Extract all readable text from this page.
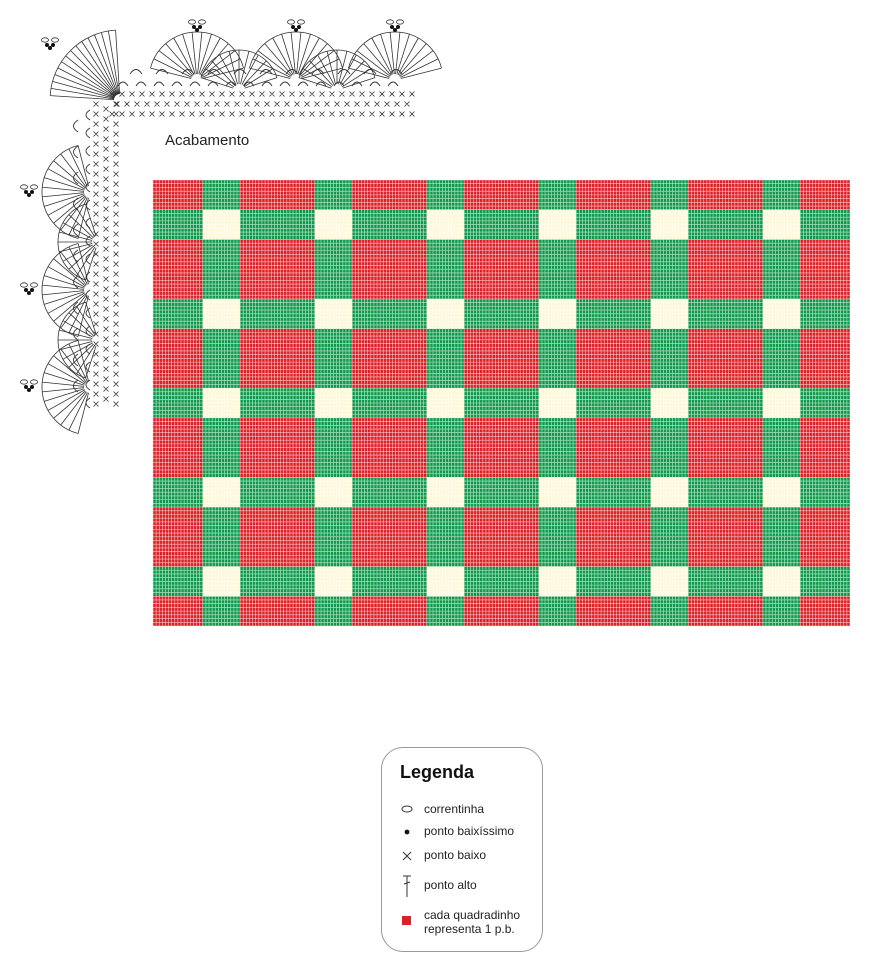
Acabamento
Legenda
correntinha
ponto baixíssimo
ponto baixo
ponto alto
cada quadradinho
representa 1 p.b.
